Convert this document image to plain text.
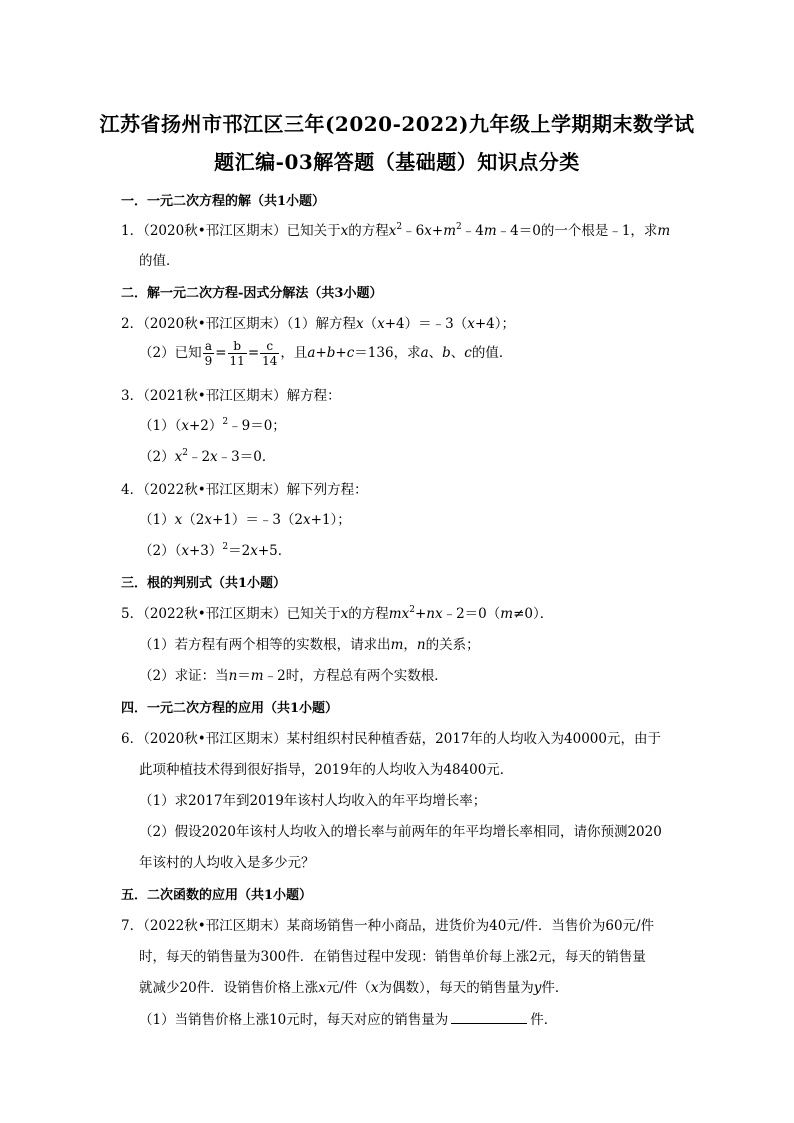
江苏省扬州市邗江区三年(2020-2022)九年级上学期期末数学试
题汇编-03解答题（基础题）知识点分类
一．一元二次方程的解（共1小题）
1．（2020秋•邗江区期末）已知关于x的方程$x^2﹣6x+m^2﹣4m﹣4=0$的一个根是﹣1，求m
的值．
二．解一元二次方程-因式分解法（共3小题）
2．（2020秋•邗江区期末）（1）解方程x（x+4）＝﹣3（x+4）；
（2）已知 $\frac{a}{9} = \frac{b}{11} = \frac{c}{14}$ ，且a+b+c＝136，求a、b、c的值．
3．（2021秋•邗江区期末）解方程：
$(1)(x+2)^2﹣9=0$；
$(2)x^2﹣2x﹣3=0$．
4．（2022秋•邗江区期末）解下列方程：
（1）x（2x+1）＝﹣3（2x+1）；
$(2)(x+3)^2=2x+5$．
三．根的判别式（共1小题）
5．（2022秋•邗江区期末）已知关于x的方程$mx^2+nx﹣2=0(m\ne 0)$．
（1）若方程有两个相等的实数根，请求出m，n的关系；
（2）求证：当n＝m﹣2时，方程总有两个实数根．
四．一元二次方程的应用（共1小题）
6．（2020秋•邗江区期末）某村组织村民种植香菇，2017年的人均收入为40000元，由于
此项种植技术得到很好指导，2019年的人均收入为48400元．
（1）求2017年到2019年该村人均收入的年平均增长率；
（2）假设2020年该村人均收入的增长率与前两年的年平均增长率相同，请你预测2020
年该村的人均收入是多少元？
五．二次函数的应用（共1小题）
7．（2022秋•邗江区期末）某商场销售一种小商品，进货价为40元/件．当售价为60元/件
时，每天的销售量为300件．在销售过程中发现：销售单价每上涨2元，每天的销售量
就减少20件．设销售价格上涨x元/件（x为偶数），每天的销售量为y件．
（1）当销售价格上涨10元时，每天对应的销售量为	件．
